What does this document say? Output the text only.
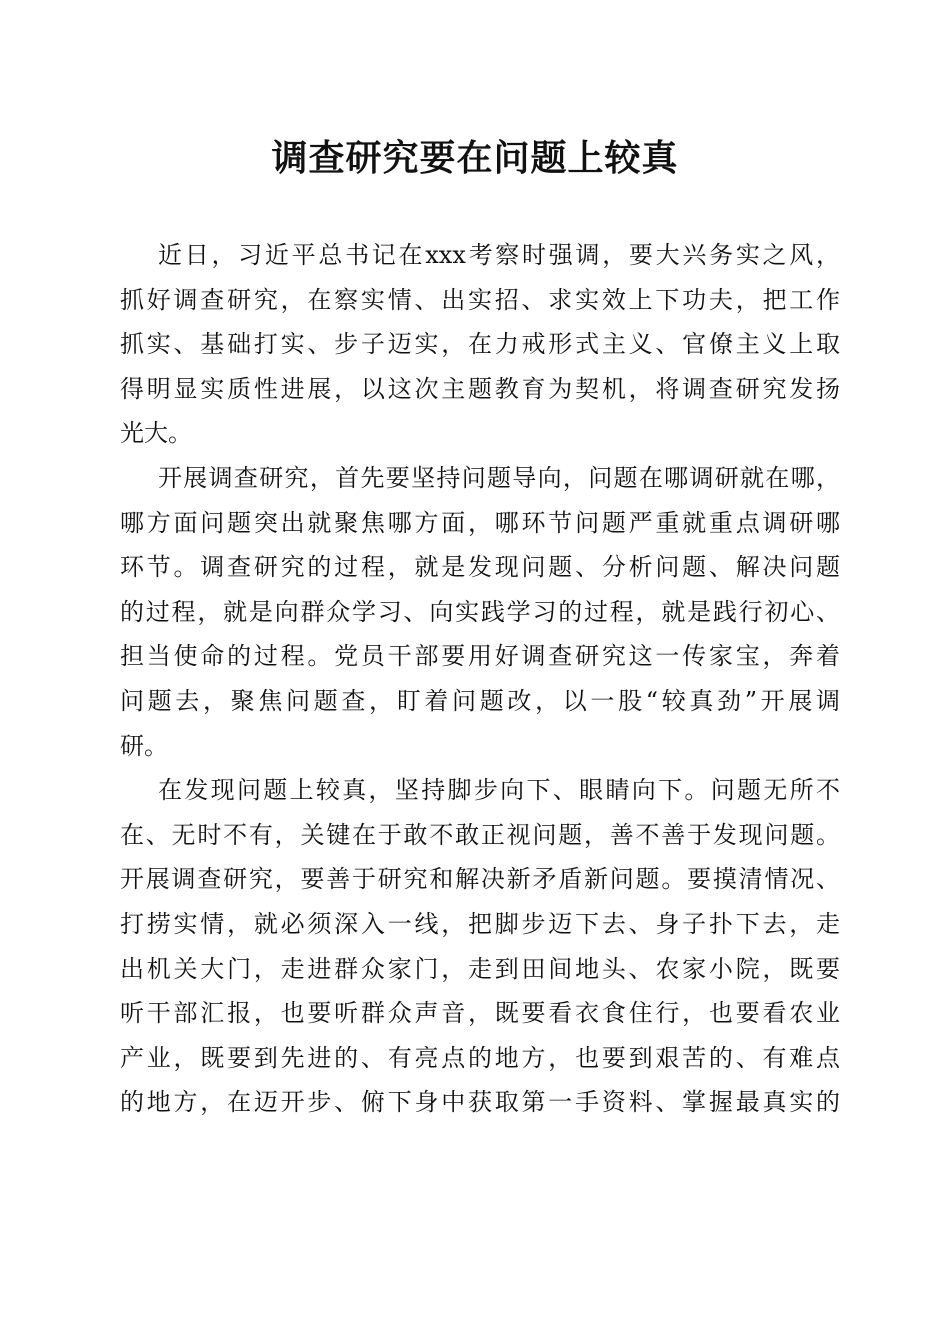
调查研究要在问题上较真
近日，习近平总书记在xxx考察时强调，要大兴务实之风，
抓好调查研究，在察实情、出实招、求实效上下功夫，把工作
抓实、基础打实、步子迈实，在力戒形式主义、官僚主义上取
得明显实质性进展，以这次主题教育为契机，将调查研究发扬
光大。
开展调查研究，首先要坚持问题导向，问题在哪调研就在哪，
哪方面问题突出就聚焦哪方面，哪环节问题严重就重点调研哪
环节。调查研究的过程，就是发现问题、分析问题、解决问题
的过程，就是向群众学习、向实践学习的过程，就是践行初心、
担当使命的过程。党员干部要用好调查研究这一传家宝，奔着
问题去，聚焦问题查，盯着问题改，以一股“较真劲”开展调
研。
在发现问题上较真，坚持脚步向下、眼睛向下。问题无所不
在、无时不有，关键在于敢不敢正视问题，善不善于发现问题。
开展调查研究，要善于研究和解决新矛盾新问题。要摸清情况、
打捞实情，就必须深入一线，把脚步迈下去、身子扑下去，走
出机关大门，走进群众家门，走到田间地头、农家小院，既要
听干部汇报，也要听群众声音，既要看衣食住行，也要看农业
产业，既要到先进的、有亮点的地方，也要到艰苦的、有难点
的地方，在迈开步、俯下身中获取第一手资料、掌握最真实的
